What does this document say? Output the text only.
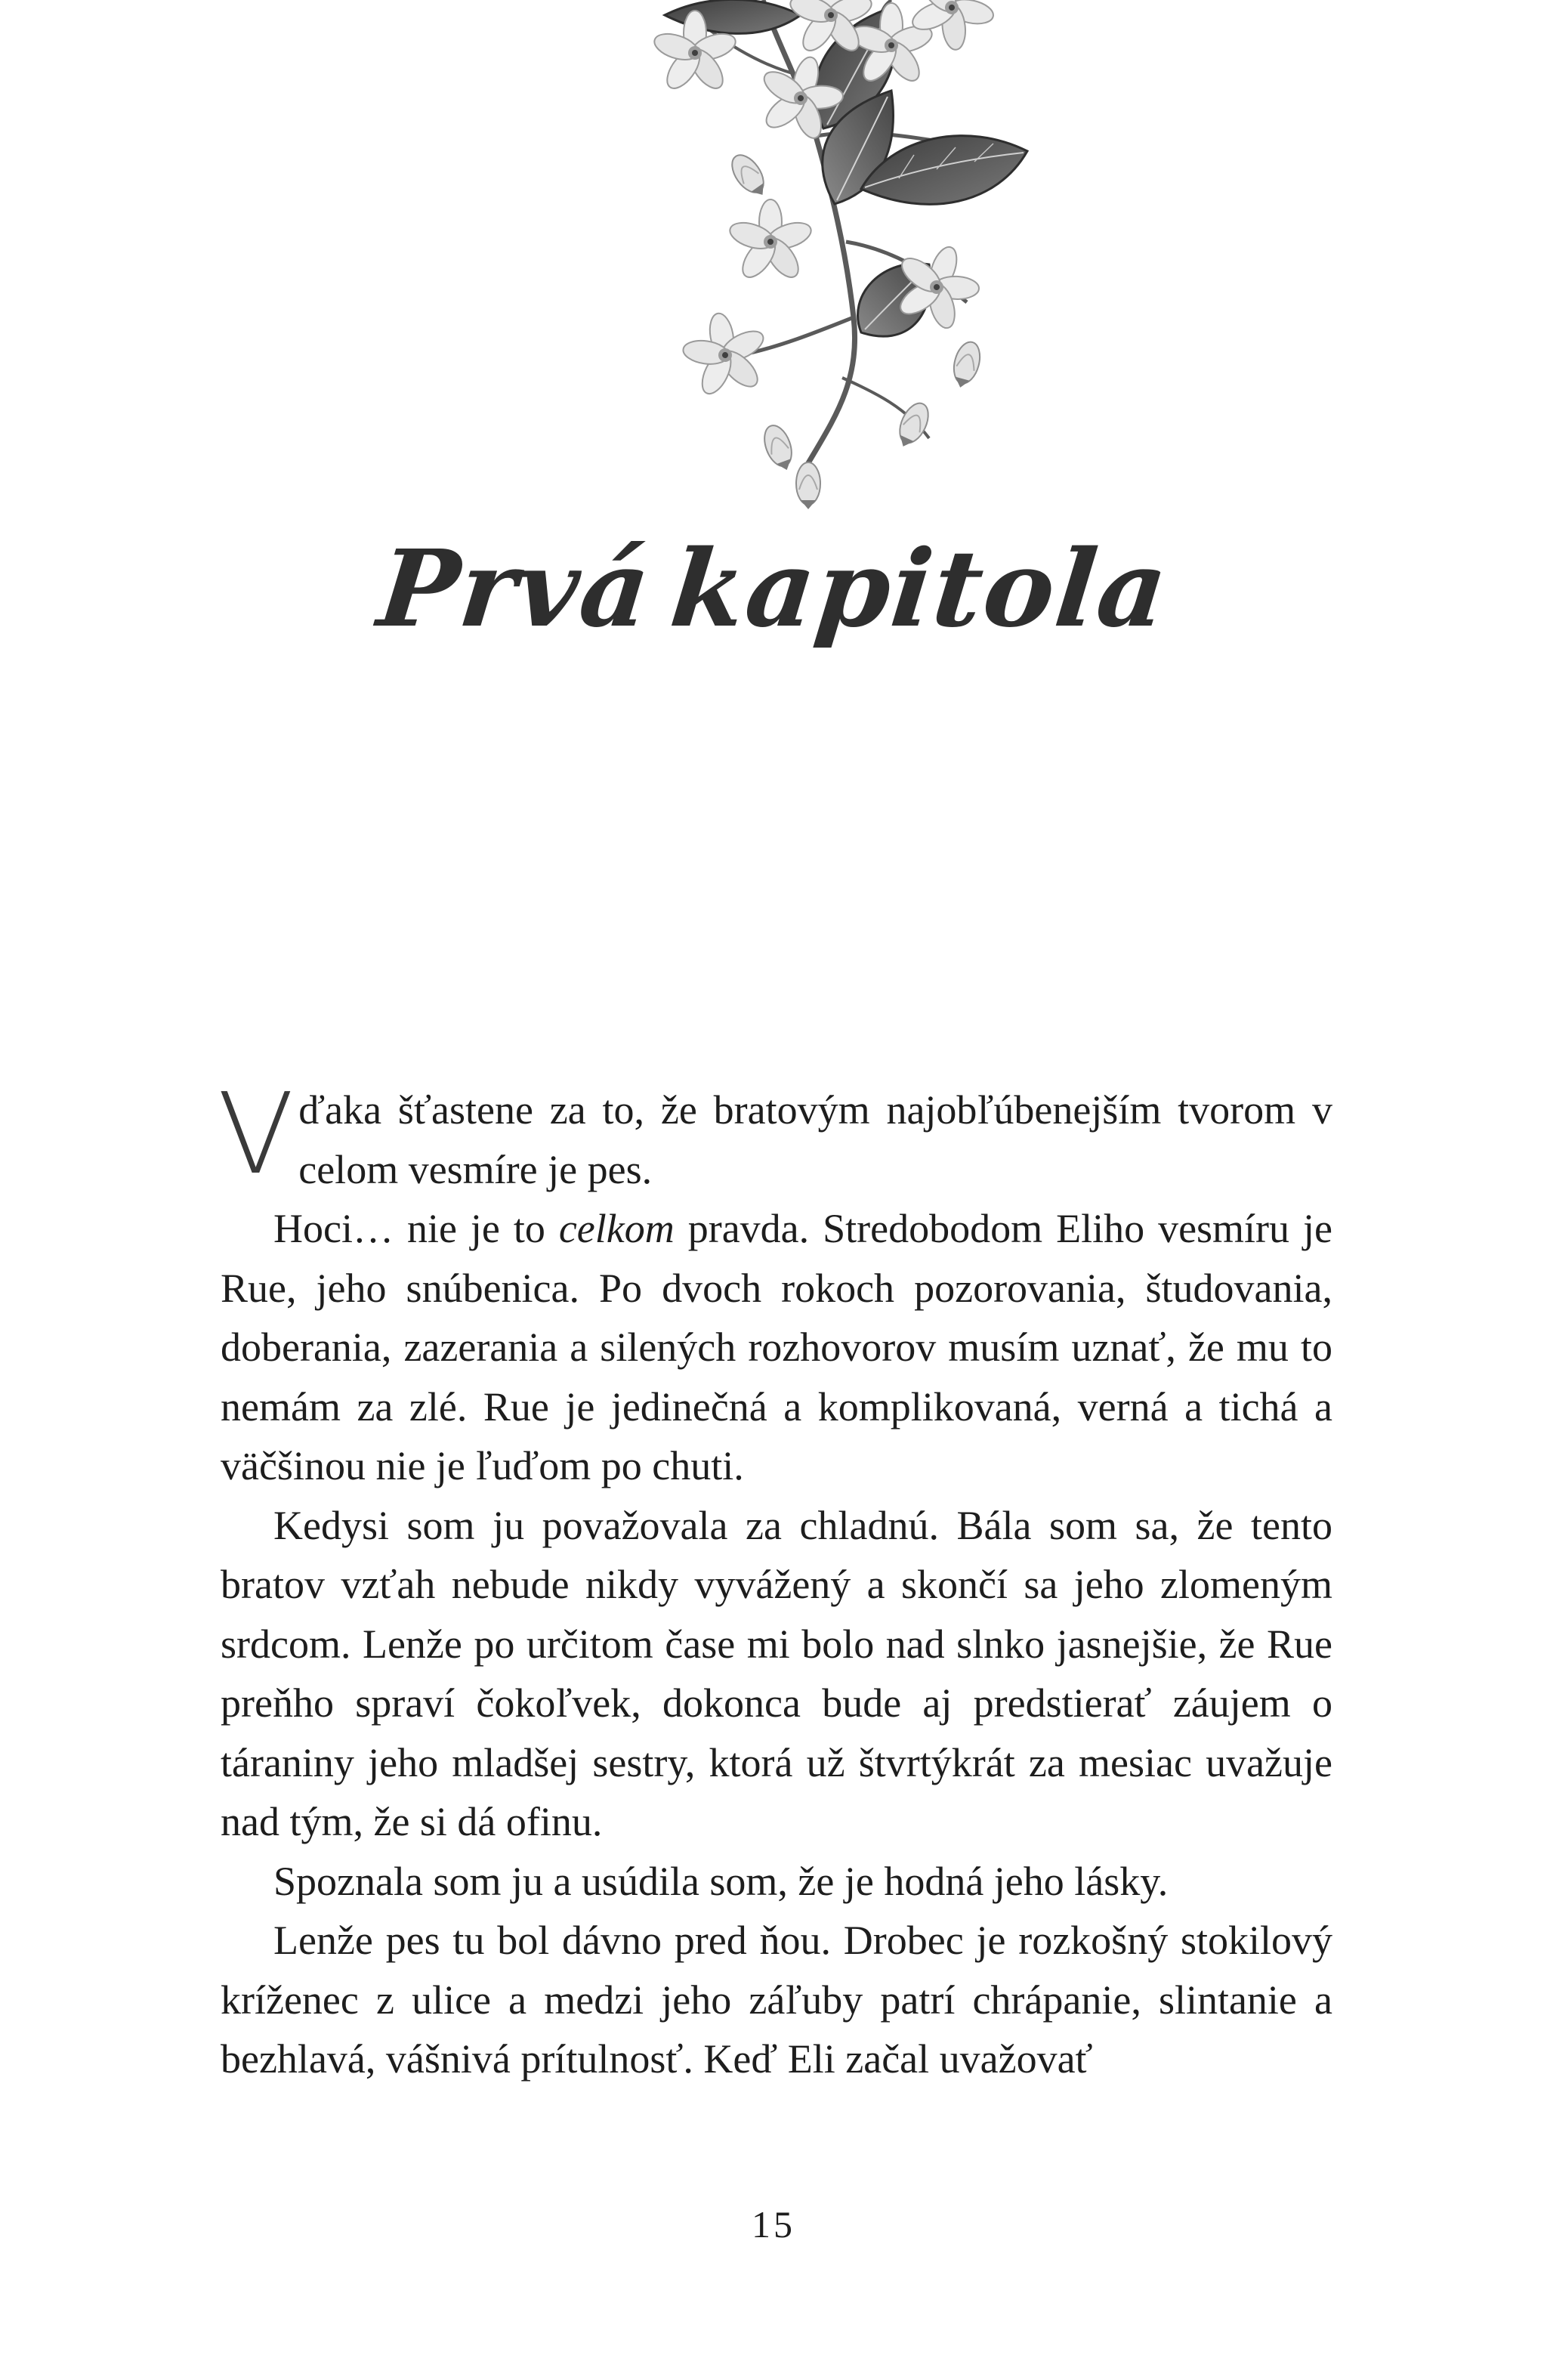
Prvákapitola

Vďaka šťastene za to, že bratovým najobľúbenejším tvorom v celom vesmíre je pes.

Hoci… nie je to celkom pravda. Stredobodom Eliho vesmíru je Rue, jeho snúbenica. Po dvoch rokoch pozorovania, študovania, doberania, zazerania a silených rozhovorov musím uznať, že mu to nemám za zlé. Rue je jedinečná a komplikovaná, verná a tichá a väčšinou nie je ľuďom po chuti.

Kedysi som ju považovala za chladnú. Bála som sa, že tento bratov vzťah nebude nikdy vyvážený a skončí sa jeho zlomeným srdcom. Lenže po určitom čase mi bolo nad slnko jasnejšie, že Rue preňho spraví čokoľvek, dokonca bude aj predstierať záujem o táraniny jeho mladšej sestry, ktorá už štvrtýkrát za mesiac uvažuje nad tým, že si dá ofinu.

Spoznala som ju a usúdila som, že je hodná jeho lásky.

Lenže pes tu bol dávno pred ňou. Drobec je rozkošný stokilový kríženec z ulice a medzi jeho záľuby patrí chrápanie, slintanie a bezhlavá, vášnivá prítulnosť. Keď Eli začal uvažovať

15
